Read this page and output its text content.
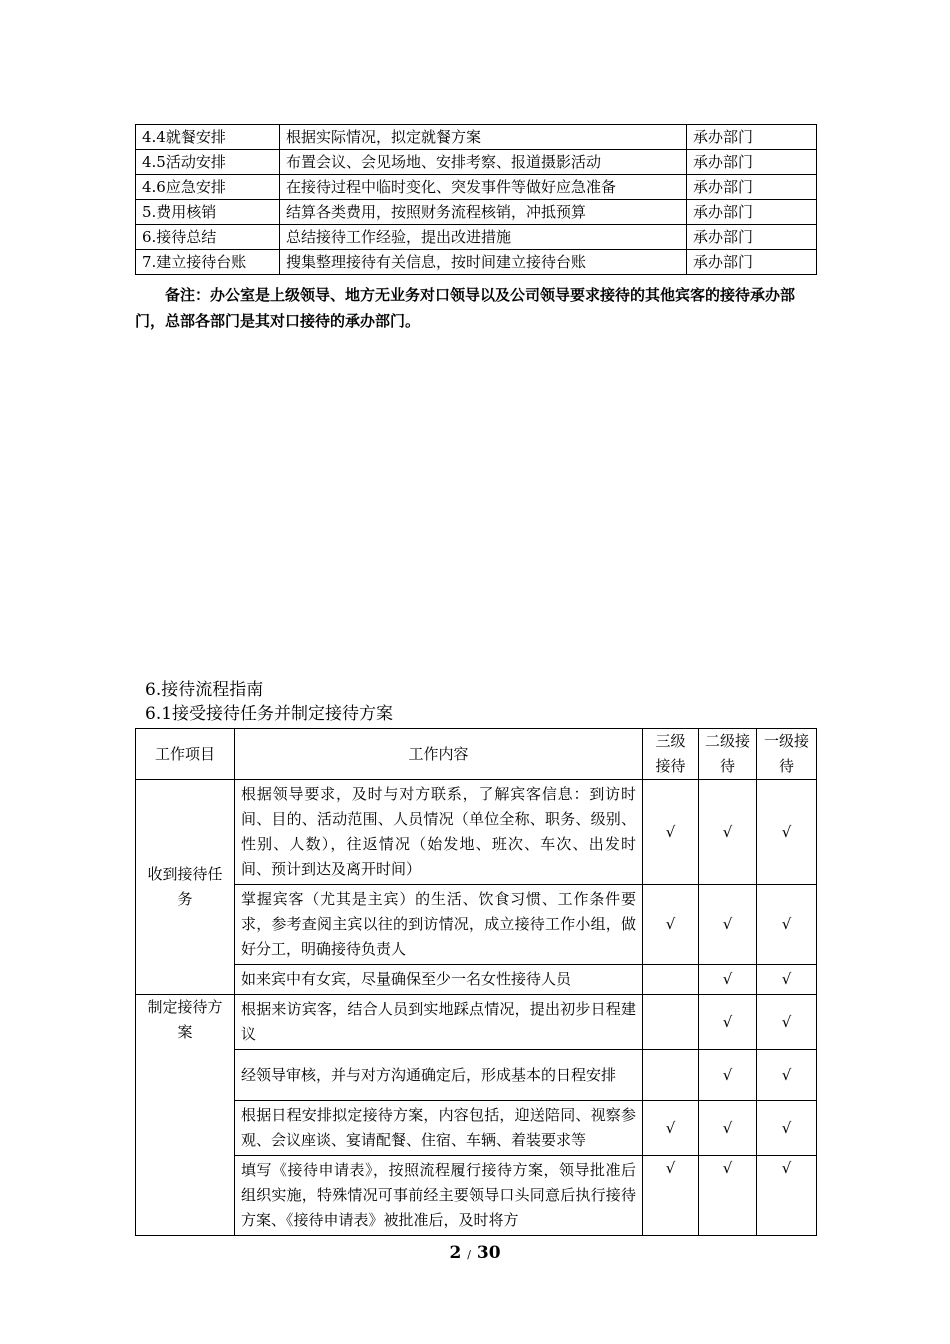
4.4就餐安排	根据实际情况，拟定就餐方案	承办部门
4.5活动安排	布置会议、会见场地、安排考察、报道摄影活动	承办部门
4.6应急安排	在接待过程中临时变化、突发事件等做好应急准备	承办部门
5.费用核销	结算各类费用，按照财务流程核销，冲抵预算	承办部门
6.接待总结	总结接待工作经验，提出改进措施	承办部门
7.建立接待台账	搜集整理接待有关信息，按时间建立接待台账	承办部门
备注：办公室是上级领导、地方无业务对口领导以及公司领导要求接待的其他宾客的接待承办部门，总部各部门是其对口接待的承办部门。
6.接待流程指南
6.1接受接待任务并制定接待方案
工作项目	工作内容	三级接待	二级接待	一级接待
收到接待任务	根据领导要求，及时与对方联系，了解宾客信息：到访时间、目的、活动范围、人员情况（单位全称、职务、级别、性别、人数），往返情况（始发地、班次、车次、出发时间、预计到达及离开时间）	√	√	√
	掌握宾客（尤其是主宾）的生活、饮食习惯、工作条件要求，参考查阅主宾以往的到访情况，成立接待工作小组，做好分工，明确接待负责人	√	√	√
	如来宾中有女宾，尽量确保至少一名女性接待人员		√	√
制定接待方案	根据来访宾客，结合人员到实地踩点情况，提出初步日程建议		√	√
	经领导审核，并与对方沟通确定后，形成基本的日程安排		√	√
	根据日程安排拟定接待方案，内容包括，迎送陪同、视察参观、会议座谈、宴请配餐、住宿、车辆、着装要求等	√	√	√
	填写《接待申请表》，按照流程履行接待方案，领导批准后组织实施，特殊情况可事前经主要领导口头同意后执行接待方案、《接待申请表》被批准后，及时将方	√	√	√
2 / 30
